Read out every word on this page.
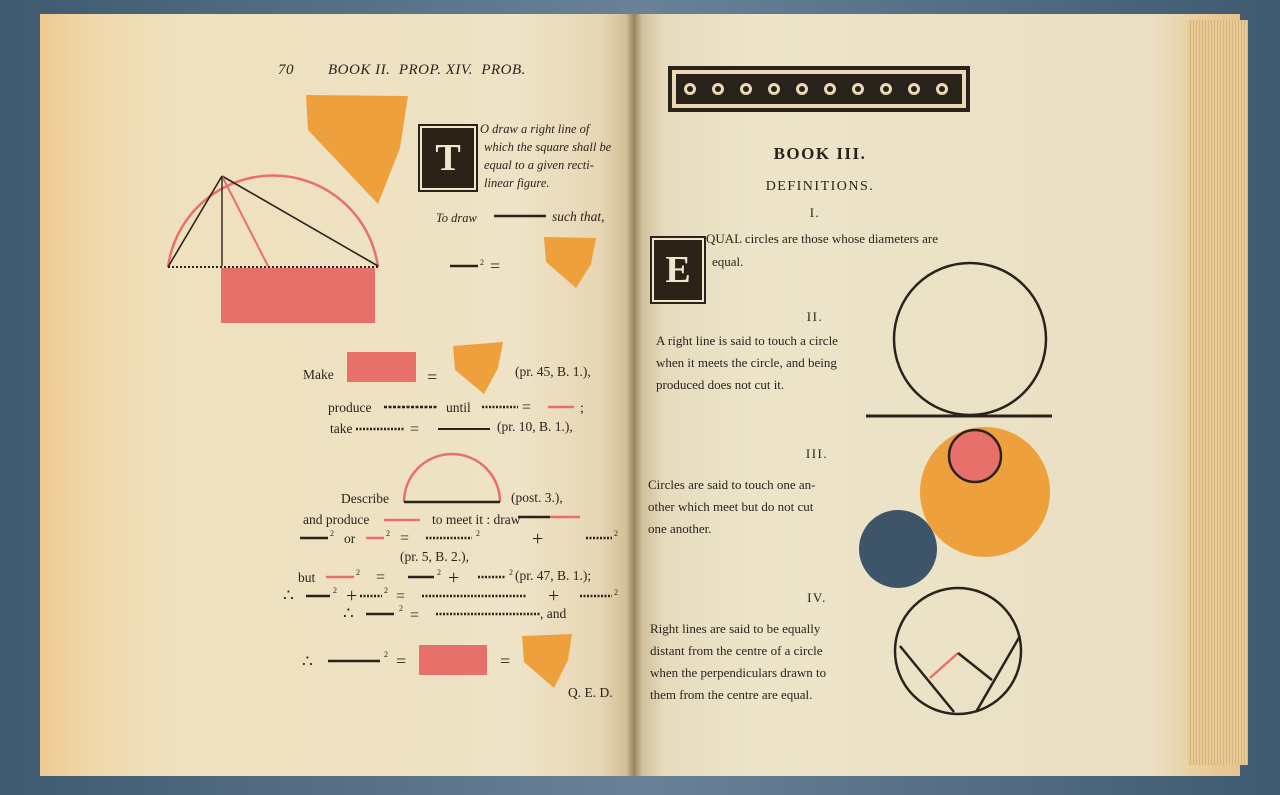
70 BOOK II.  PROP. XIV.  PROB.
T
O draw a right line of
which the square shall be
equal to a given recti-
linear figure.
To draw	such that,
Make	(pr. 45, B. 1.),
produce	until
take	(pr. 10, B. 1.),
Describe	(post. 3.),
and produce	to meet it : draw
or
(pr. 5, B. 2.),
but	(pr. 47, B. 1.);
∴
∴	, and
∴
Q. E. D.
2
2	2	2	2
2	2	2
2	2	2
2
2
BOOK III.
DEFINITIONS.
I.
E
QUAL circles are those whose diameters are
equal.
II.
A right line is said to touch a circle
when it meets the circle, and being
produced does not cut it.
III.
Circles are said to touch one an-
other which meet but do not cut
one another.
IV.
Right lines are said to be equally
distant from the centre of a circle
when the perpendiculars drawn to
them from the centre are equal.
=
=
=	;
=
=	+
=	+
+ =	+
=
=	=
